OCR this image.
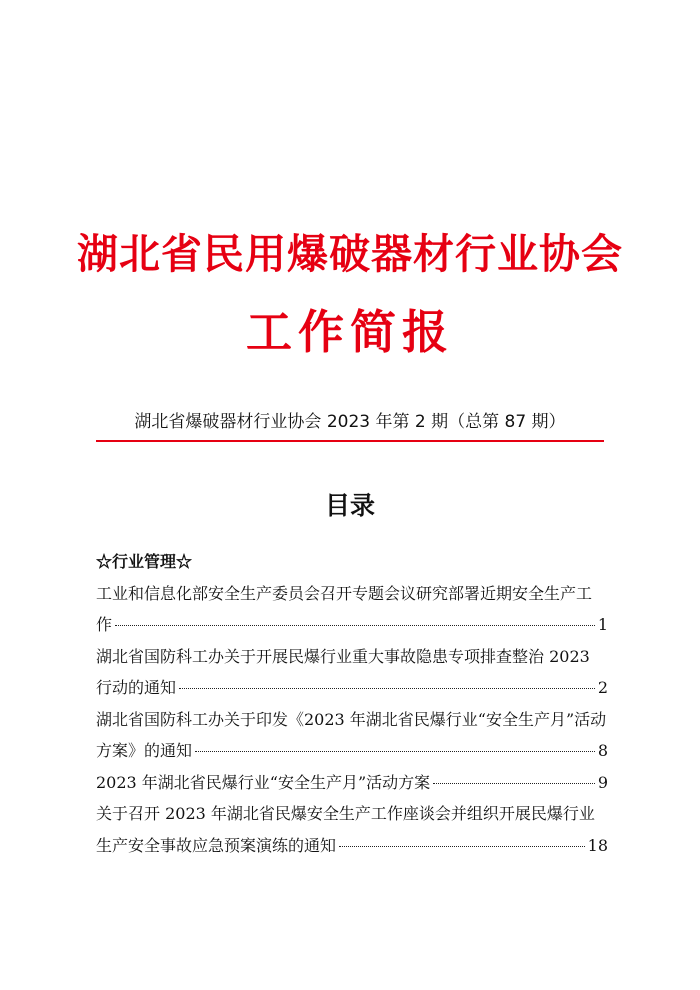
湖北省民用爆破器材行业协会
工作简报
湖北省爆破器材行业协会 2023 年第 2 期（总第 87 期）
目录
☆行业管理☆
工业和信息化部安全生产委员会召开专题会议研究部署近期安全生产工
作	1
湖北省国防科工办关于开展民爆行业重大事故隐患专项排查整治 2023
行动的通知	2
湖北省国防科工办关于印发《2023 年湖北省民爆行业“安全生产月”活动
方案》的通知	8
2023 年湖北省民爆行业“安全生产月”活动方案	9
关于召开 2023 年湖北省民爆安全生产工作座谈会并组织开展民爆行业
生产安全事故应急预案演练的通知	18
